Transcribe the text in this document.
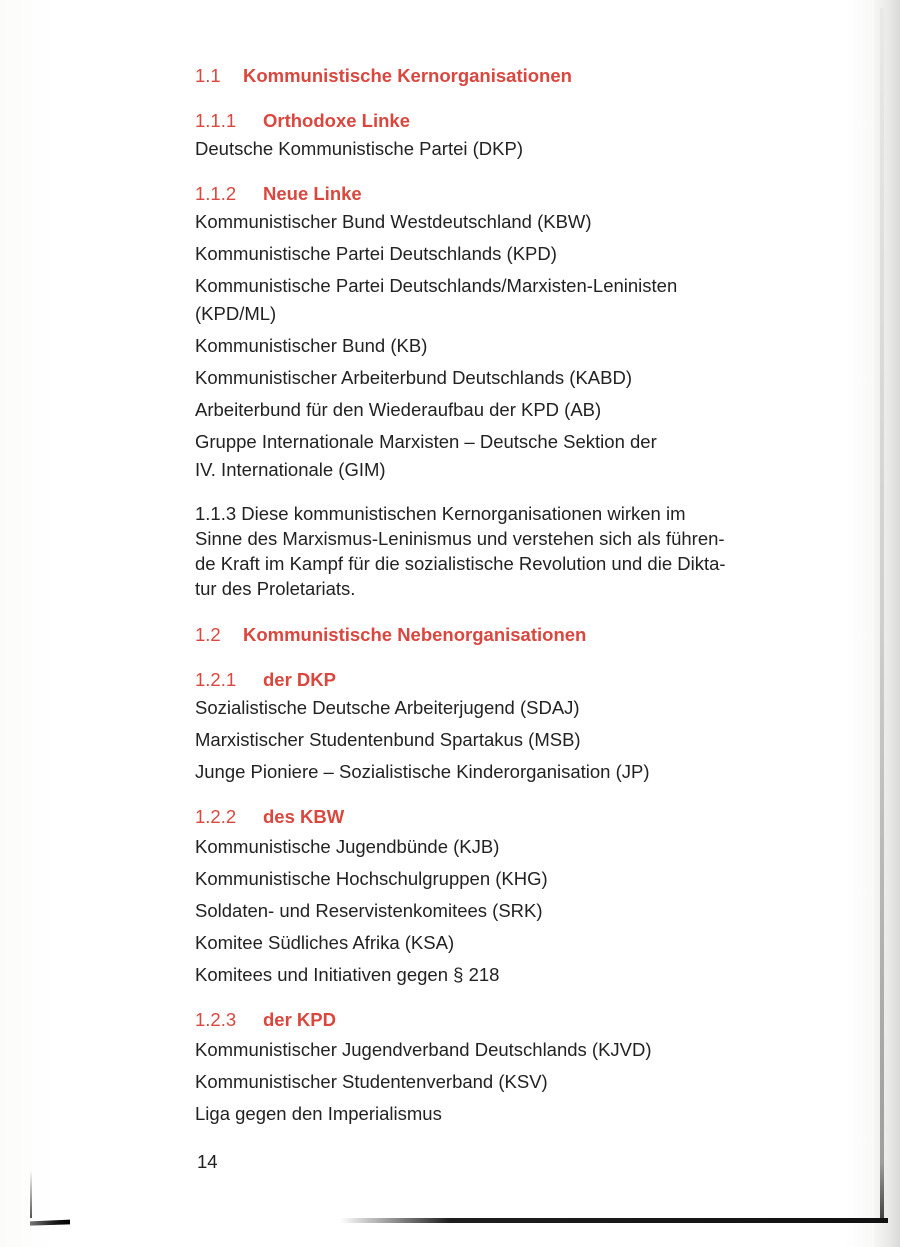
1.1 Kommunistische Kernorganisationen
1.1.1 Orthodoxe Linke

Deutsche Kommunistische Partei (DKP)

1.1.2 Neue Linke

Kommunistischer Bund Westdeutschland (KBW)

Kommunistische Partei Deutschlands (KPD)

Kommunistische Partei Deutschlands/Marxisten-Leninisten

(KPD/ML)

Kommunistischer Bund (KB)

Kommunistischer Arbeiterbund Deutschlands (KABD)

Arbeiterbund für den Wiederaufbau der KPD (AB)

Gruppe Internationale Marxisten – Deutsche Sektion der

IV. Internationale (GIM)

1.1.3 Diese kommunistischen Kernorganisationen wirken im

Sinne des Marxismus-Leninismus und verstehen sich als führen-

de Kraft im Kampf für die sozialistische Revolution und die Dikta-

tur des Proletariats.

1.2 Kommunistische Nebenorganisationen
1.2.1 der DKP

Sozialistische Deutsche Arbeiterjugend (SDAJ)

Marxistischer Studentenbund Spartakus (MSB)

Junge Pioniere – Sozialistische Kinderorganisation (JP)

1.2.2 des KBW

Kommunistische Jugendbünde (KJB)

Kommunistische Hochschulgruppen (KHG)

Soldaten- und Reservistenkomitees (SRK)

Komitee Südliches Afrika (KSA)

Komitees und Initiativen gegen § 218

1.2.3 der KPD

Kommunistischer Jugendverband Deutschlands (KJVD)

Kommunistischer Studentenverband (KSV)

Liga gegen den Imperialismus

14
